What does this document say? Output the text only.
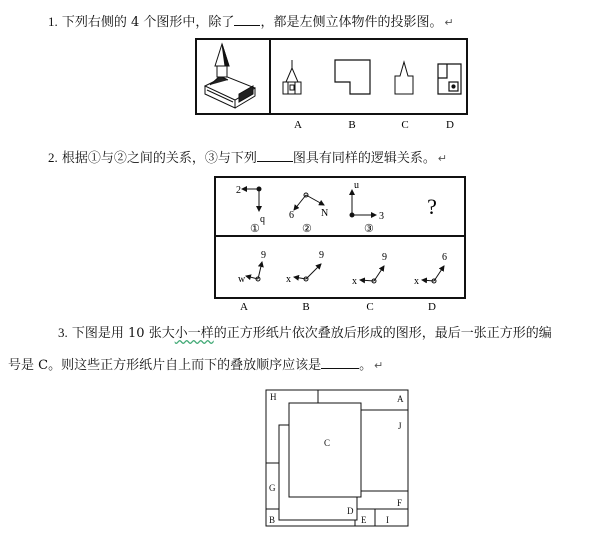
1. 下列右侧的 4 个图形中，除了 ，都是左侧立体物件的投影图。 ↵
A	B	C	D
2. 根据①与②之间的关系，③与下列	图具有同样的逻辑关系。 ↵
2
q
①
6	N
②
u
3
③
?
w
9
x
9
x
9
x
6
A	B	C	D
3. 下图是用 10 张大小一样的正方形纸片依次叠放后形成的图形，最后一张正方形的编
号是 C。则这些正方形纸片自上而下的叠放顺序应该是	。 ↵
H	A
J
C
G
D
F
B	E I
